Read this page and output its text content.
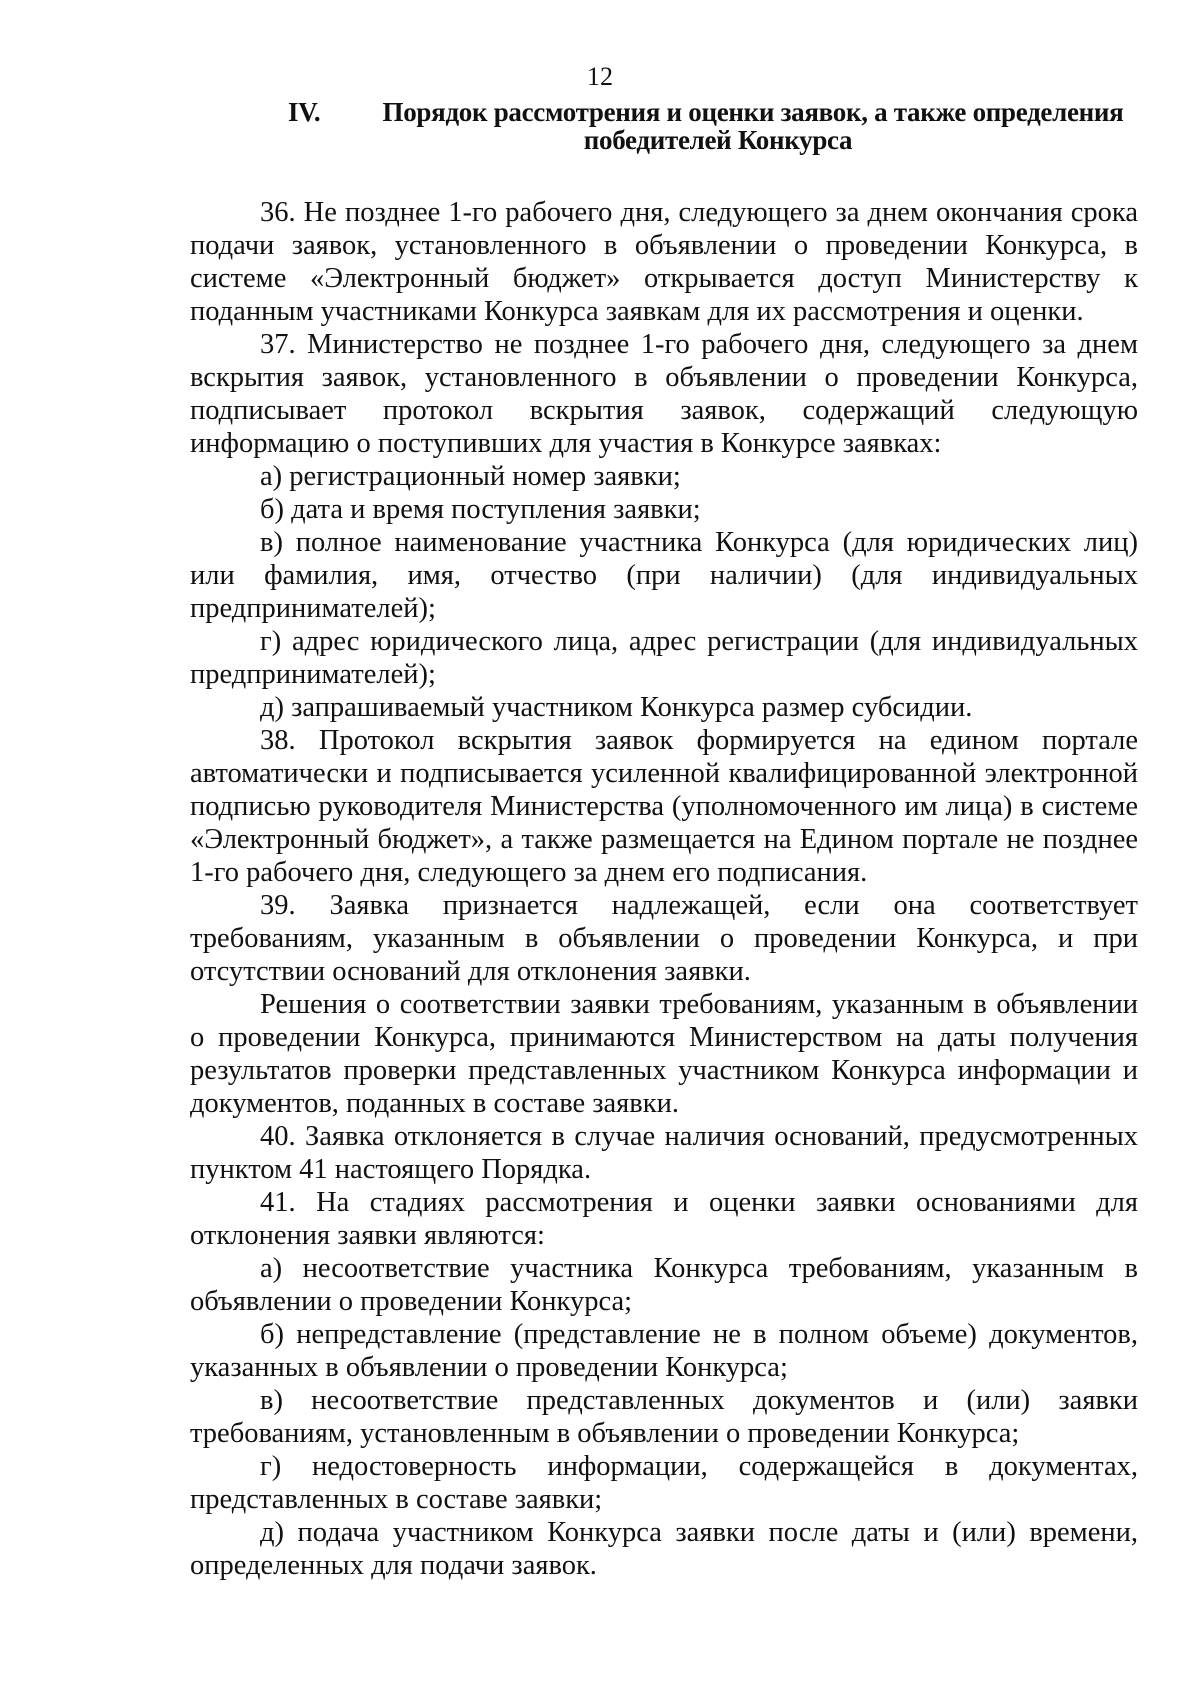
12
IV.	Порядок рассмотрения и оценки заявок, а также определения
победителей Конкурса

36. Не позднее 1-го рабочего дня, следующего за днем окончания срока подачи заявок, установленного в объявлении о проведении Конкурса, в системе «Электронный бюджет» открывается доступ Министерству к поданным участниками Конкурса заявкам для их рассмотрения и оценки.

37. Министерство не позднее 1-го рабочего дня, следующего за днем вскрытия заявок, установленного в объявлении о проведении Конкурса, подписывает протокол вскрытия заявок, содержащий следующую информацию о поступивших для участия в Конкурсе заявках:

а) регистрационный номер заявки;

б) дата и время поступления заявки;

в) полное наименование участника Конкурса (для юридических лиц) или фамилия, имя, отчество (при наличии) (для индивидуальных предпринимателей);

г) адрес юридического лица, адрес регистрации (для индивидуальных предпринимателей);

д) запрашиваемый участником Конкурса размер субсидии.

38. Протокол вскрытия заявок формируется на едином портале автоматически и подписывается усиленной квалифицированной электронной подписью руководителя Министерства (уполномоченного им лица) в системе «Электронный бюджет», а также размещается на Едином портале не позднее 1-го рабочего дня, следующего за днем его подписания.

39. Заявка признается надлежащей, если она соответствует требованиям, указанным в объявлении о проведении Конкурса, и при отсутствии оснований для отклонения заявки.

Решения о соответствии заявки требованиям, указанным в объявлении о проведении Конкурса, принимаются Министерством на даты получения результатов проверки представленных участником Конкурса информации и документов, поданных в составе заявки.

40. Заявка отклоняется в случае наличия оснований, предусмотренных пунктом 41 настоящего Порядка.

41. На стадиях рассмотрения и оценки заявки основаниями для отклонения заявки являются:

а) несоответствие участника Конкурса требованиям, указанным в объявлении о проведении Конкурса;

б) непредставление (представление не в полном объеме) документов, указанных в объявлении о проведении Конкурса;

в) несоответствие представленных документов и (или) заявки требованиям, установленным в объявлении о проведении Конкурса;

г) недостоверность информации, содержащейся в документах, представленных в составе заявки;

д) подача участником Конкурса заявки после даты и (или) времени, определенных для подачи заявок.
